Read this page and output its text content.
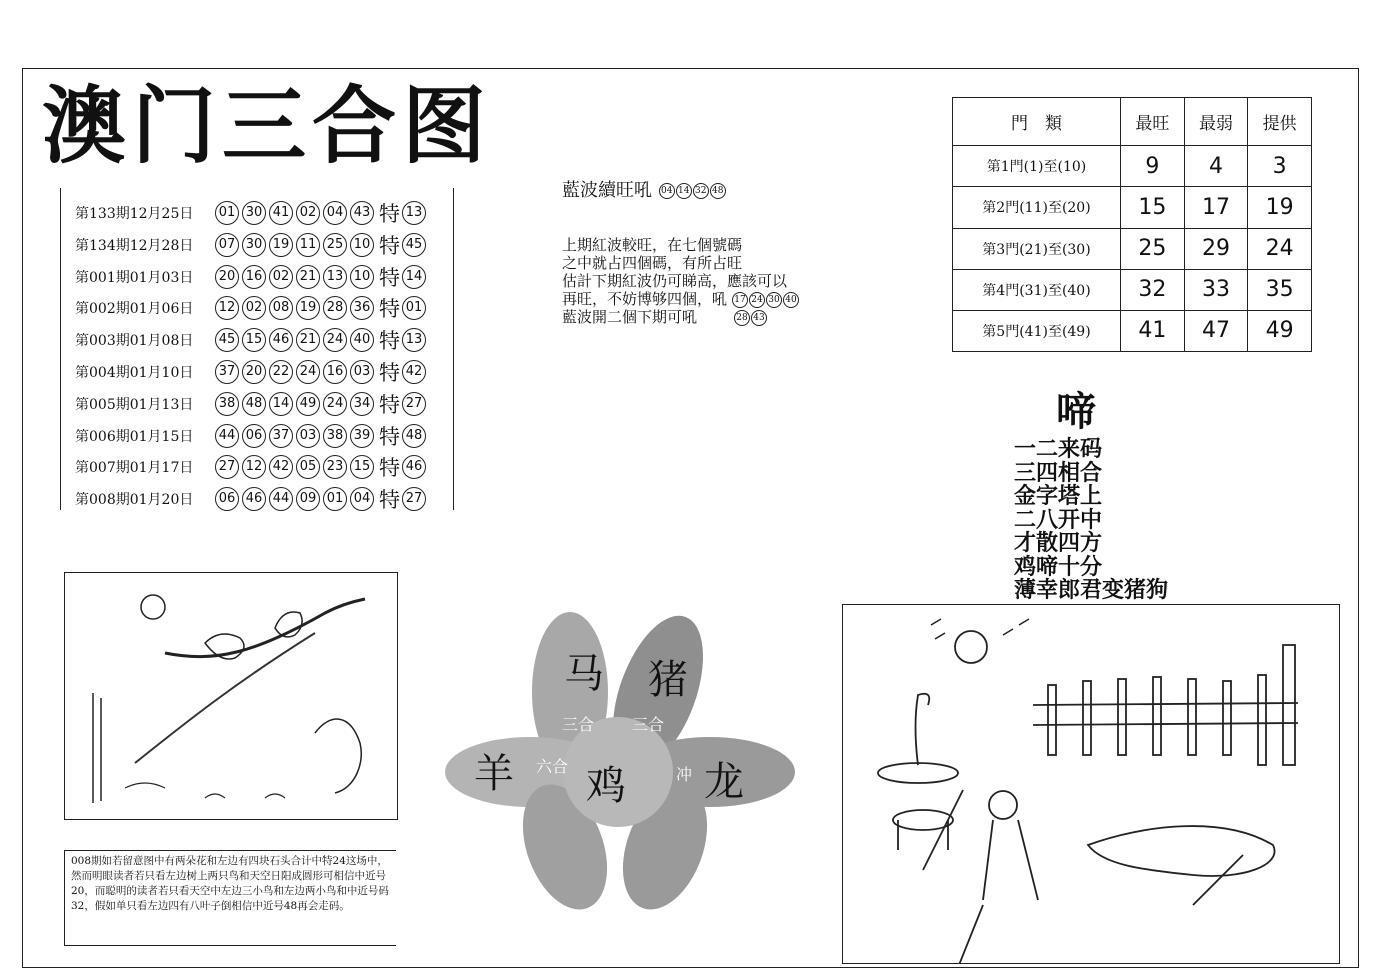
澳门三合图
第133期12月25日	01 30 41 02 04 43 特 13
第134期12月28日	07 30 19 11 25 10 特 45
第001期01月03日	20 16 02 21 13 10 特 14
第002期01月06日	12 02 08 19 28 36 特 01
第003期01月08日	45 15 46 21 24 40 特 13
第004期01月10日	37 20 22 24 16 03 特 42
第005期01月13日	38 48 14 49 24 34 特 27
第006期01月15日	44 06 37 03 38 39 特 48
第007期01月17日	27 12 42 05 23 15 特 46
第008期01月20日	06 46 44 09 01 04 特 27
藍波續旺吼 04 14 32 48
上期紅波較旺，在七個號碼
之中就占四個碼，有所占旺
估計下期紅波仍可睇高，應該可以
再旺，不妨博够四個，吼 17 24 30 40
藍波開二個下期可吼	28 43
門　類	最旺	最弱	提供
第1門(1)至(10)	9	4	3
第2門(11)至(20)	15	17	19
第3門(21)至(30)	25	29	24
第4門(31)至(40)	32	33	35
第5門(41)至(49)	41	47	49
啼
一二来码
三四相合
金字塔上
二八开中
才散四方
鸡啼十分
薄幸郎君变猪狗
马 猪
羊 鸡 龙
三合 三合
六合	冲
008期如若留意图中有两朵花和左边有四块石头合计中特24这场中，然而明眼读者若只看左边树上两只鸟和天空日阳成圆形可相信中近号20，而聪明的读者若只看天空中左边三小鸟和左边两小鸟和中近号码32，假如单只看左边四有八叶子倒相信中近号48再会走码。
